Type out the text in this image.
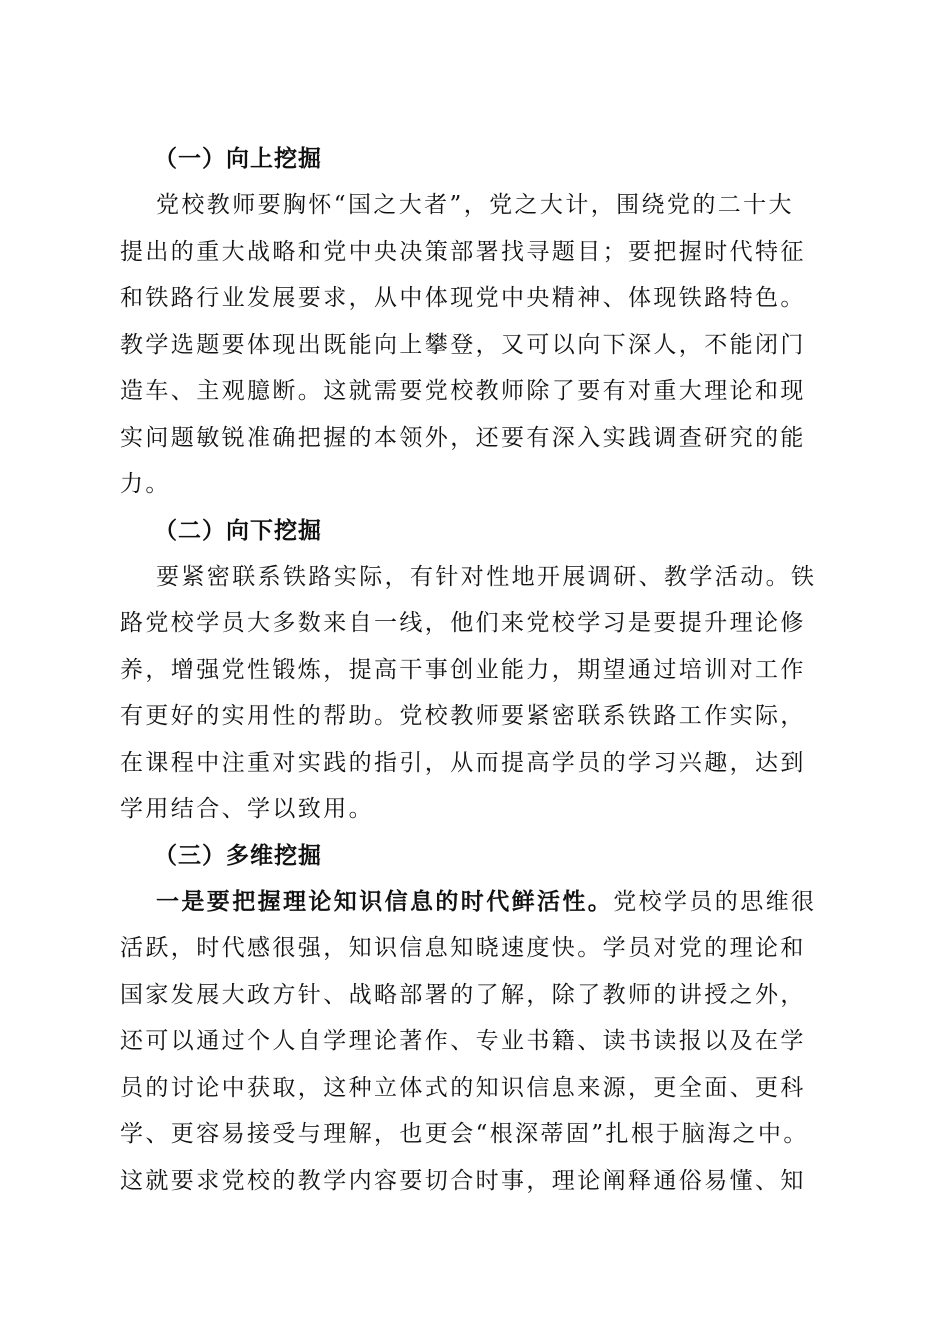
（一）向上挖掘
党校教师要胸怀“国之大者”，党之大计，围绕党的二十大
提出的重大战略和党中央决策部署找寻题目；要把握时代特征
和铁路行业发展要求，从中体现党中央精神、体现铁路特色。
教学选题要体现出既能向上攀登，又可以向下深人，不能闭门
造车、主观臆断。这就需要党校教师除了要有对重大理论和现
实问题敏锐准确把握的本领外，还要有深入实践调查研究的能
力。
（二）向下挖掘
要紧密联系铁路实际，有针对性地开展调研、教学活动。铁
路党校学员大多数来自一线，他们来党校学习是要提升理论修
养，增强党性锻炼，提高干事创业能力，期望通过培训对工作
有更好的实用性的帮助。党校教师要紧密联系铁路工作实际，
在课程中注重对实践的指引，从而提高学员的学习兴趣，达到
学用结合、学以致用。
（三）多维挖掘
一是要把握理论知识信息的时代鲜活性。党校学员的思维很
活跃，时代感很强，知识信息知晓速度快。学员对党的理论和
国家发展大政方针、战略部署的了解，除了教师的讲授之外，
还可以通过个人自学理论著作、专业书籍、读书读报以及在学
员的讨论中获取，这种立体式的知识信息来源，更全面、更科
学、更容易接受与理解，也更会“根深蒂固”扎根于脑海之中。
这就要求党校的教学内容要切合时事，理论阐释通俗易懂、知
